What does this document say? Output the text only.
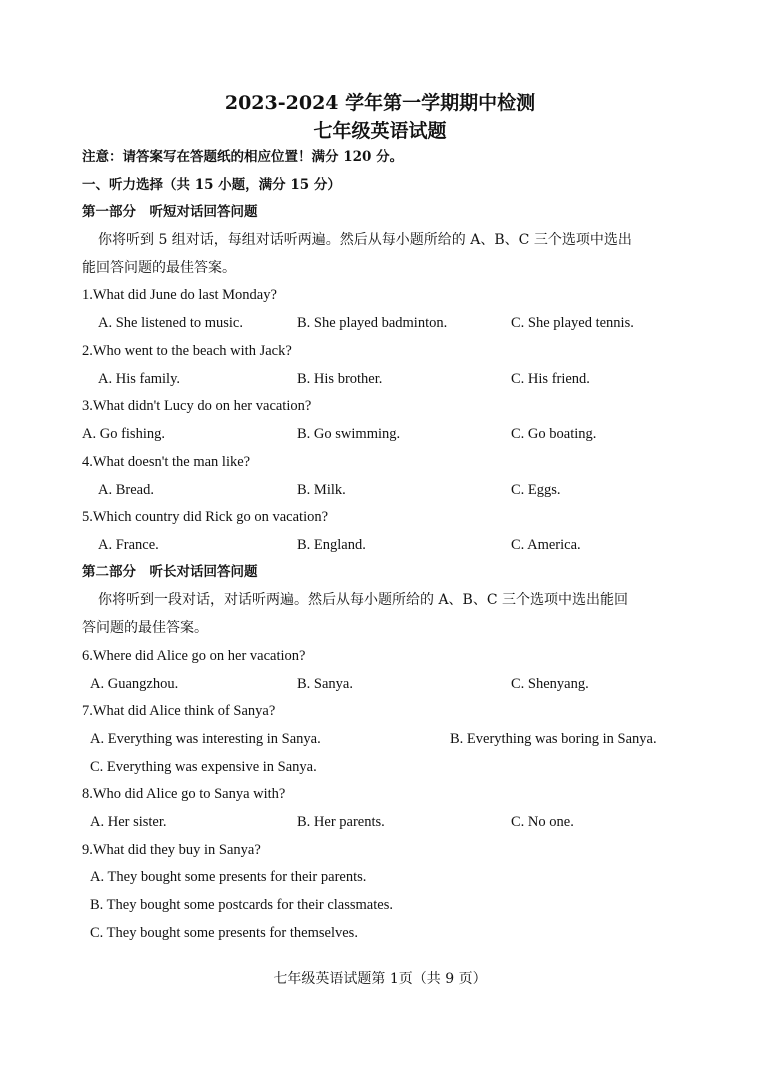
2023-2024 学年第一学期期中检测
七年级英语试题
注意：请答案写在答题纸的相应位置！满分 120 分。
一、听力选择（共 15 小题，满分 15 分）
第一部分　听短对话回答问题
你将听到 5 组对话，每组对话听两遍。然后从每小题所给的 A、B、C 三个选项中选出
能回答问题的最佳答案。
1.What did June do last Monday?
A. She listened to music.	B. She played badminton.	C. She played tennis.
2.Who went to the beach with Jack?
A. His family.	B. His brother.	C. His friend.
3.What didn't Lucy do on her vacation?
A. Go fishing.	B. Go swimming.	C. Go boating.
4.What doesn't the man like?
A. Bread.	B. Milk.	C. Eggs.
5.Which country did Rick go on vacation?
A. France.	B. England.	C. America.
第二部分　听长对话回答问题
你将听到一段对话，对话听两遍。然后从每小题所给的 A、B、C 三个选项中选出能回
答问题的最佳答案。
6.Where did Alice go on her vacation?
A. Guangzhou.	B. Sanya.	C. Shenyang.
7.What did Alice think of Sanya?
A. Everything was interesting in Sanya.	B. Everything was boring in Sanya.
C. Everything was expensive in Sanya.
8.Who did Alice go to Sanya with?
A. Her sister.	B. Her parents.	C. No one.
9.What did they buy in Sanya?
A. They bought some presents for their parents.
B. They bought some postcards for their classmates.
C. They bought some presents for themselves.
七年级英语试题第 1页（共 9 页）
